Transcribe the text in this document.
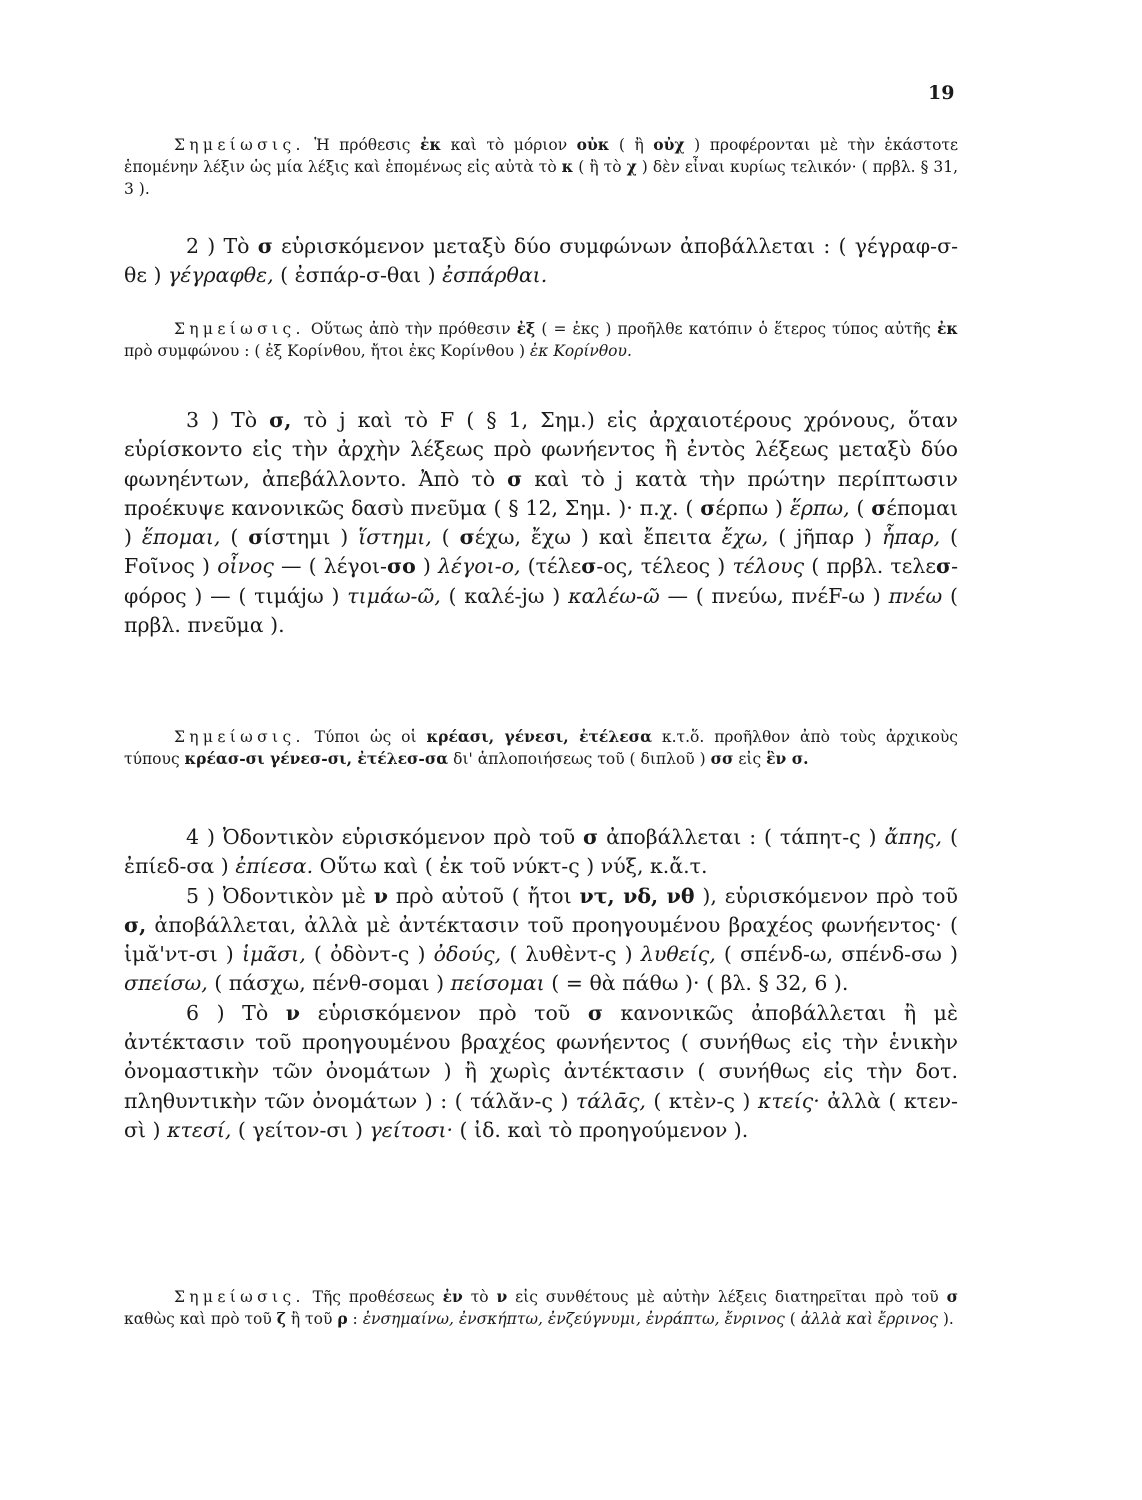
19

Σημείωσις. Ἡ πρόθεσις ἐκ καὶ τὸ μόριον οὐκ ( ἢ οὐχ ) προφέρονται μὲ τὴν ἑκάστοτε ἑπομένην λέξιν ὡς μία λέξις καὶ ἑπομένως εἰς αὐτὰ τὸ κ ( ἢ τὸ χ ) δὲν εἶναι κυρίως τελικόν· ( πρβλ. § 31, 3 ).

2 ) Τὸ σ εὑρισκόμενον μεταξὺ δύο συμφώνων ἀποβάλλεται : ( γέγραφ-σ-θε ) γέγραφθε, ( ἐσπάρ-σ-θαι ) ἐσπάρθαι.

Σημείωσις. Οὕτως ἀπὸ τὴν πρόθεσιν ἐξ ( = ἐκς ) προῆλθε κατόπιν ὁ ἕτερος τύπος αὐτῆς ἐκ πρὸ συμφώνου : ( ἐξ Κορίνθου, ἤτοι ἐκς Κορίνθου ) ἐκ Κορίνθου.

3 ) Τὸ σ, τὸ j καὶ τὸ F ( § 1, Σημ.) εἰς ἀρχαιοτέρους χρόνους, ὅταν εὑρίσκοντο εἰς τὴν ἀρχὴν λέξεως πρὸ φωνήεντος ἢ ἐντὸς λέξεως μεταξὺ δύο φωνηέντων, ἀπεβάλλοντο. Ἀπὸ τὸ σ καὶ τὸ j κατὰ τὴν πρώτην περίπτωσιν προέκυψε κανονικῶς δασὺ πνεῦμα ( § 12, Σημ. )· π.χ. ( σέρπω ) ἕρπω, ( σέπομαι ) ἕπομαι, ( σίστημι ) ἵστημι, ( σέχω, ἔχω ) καὶ ἔπειτα ἔχω, ( jῆπαρ ) ἧπαρ, ( Fοῖνος ) οἶνος — ( λέγοι-σο ) λέγοι-ο, (τέλεσ-ος, τέλεος ) τέλους ( πρβλ. τελεσ-φόρος ) — ( τιμάjω ) τιμάω-ῶ, ( καλέ-jω ) καλέω-ῶ — ( πνεύω, πνέF-ω ) πνέω ( πρβλ. πνεῦμα ).

Σημείωσις. Τύποι ὡς οἱ κρέασι, γένεσι, ἐτέλεσα κ.τ.ὅ. προῆλθον ἀπὸ τοὺς ἀρχικοὺς τύπους κρέασ-σι γένεσ-σι, ἐτέλεσ-σα δι' ἁπλοποιήσεως τοῦ ( διπλοῦ ) σσ εἰς ἓν σ.

4 ) Ὀδοντικὸν εὑρισκόμενον πρὸ τοῦ σ ἀποβάλλεται : ( τάπητ-ς ) ἄπης, ( ἐπίεδ-σα ) ἐπίεσα. Οὕτω καὶ ( ἐκ τοῦ νύκτ-ς ) νύξ, κ.ἄ.τ.

5 ) Ὀδοντικὸν μὲ ν πρὸ αὐτοῦ ( ἤτοι ντ, νδ, νθ ), εὑρισκόμενον πρὸ τοῦ σ, ἀποβάλλεται, ἀλλὰ μὲ ἀντέκτασιν τοῦ προηγουμένου βραχέος φωνήεντος· ( ἱμᾰ'ντ-σι ) ἱμᾶσι, ( ὀδὸντ-ς ) ὀδούς, ( λυθὲντ-ς ) λυθείς, ( σπένδ-ω, σπένδ-σω ) σπείσω, ( πάσχω, πένθ-σομαι ) πείσομαι ( = θὰ πάθω )· ( βλ. § 32, 6 ).

6 ) Τὸ ν εὑρισκόμενον πρὸ τοῦ σ κανονικῶς ἀποβάλλεται ἢ μὲ ἀντέκτασιν τοῦ προηγουμένου βραχέος φωνήεντος ( συνήθως εἰς τὴν ἑνικὴν ὀνομαστικὴν τῶν ὀνομάτων ) ἢ χωρὶς ἀντέκτασιν ( συνήθως εἰς τὴν δοτ. πληθυντικὴν τῶν ὀνομάτων ) : ( τάλᾰν-ς ) τάλᾱς, ( κτὲν-ς ) κτείς· ἀλλὰ ( κτεν-σὶ ) κτεσί, ( γείτον-σι ) γείτοσι· ( ἰδ. καὶ τὸ προηγούμενον ).

Σημείωσις. Τῆς προθέσεως ἐν τὸ ν εἰς συνθέτους μὲ αὐτὴν λέξεις διατηρεῖται πρὸ τοῦ σ καθὼς καὶ πρὸ τοῦ ζ ἢ τοῦ ρ : ἐνσημαίνω, ἐνσκήπτω, ἐνζεύγνυμι, ἐνράπτω, ἔνρινος ( ἀλλὰ καὶ ἔρρινος ).
